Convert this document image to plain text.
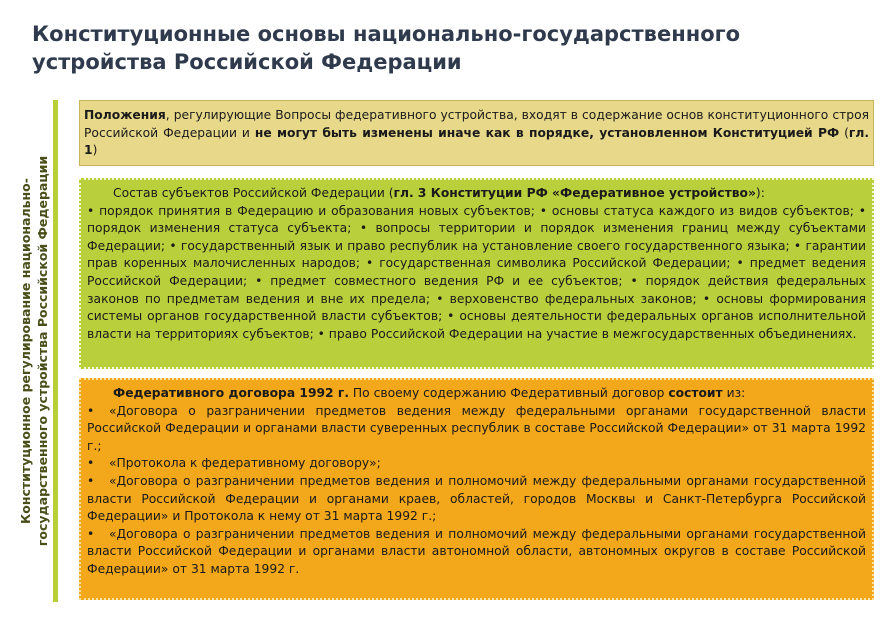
Конституционные основы национально-государственного устройства Российской Федерации
Конституционное регулирование национально- государственного устройства Российской Федерации
Положения, регулирующие Вопросы федеративного устройства, входят в содержание основ конституционного строя Российской Федерации и не могут быть изменены иначе как в порядке, установленном Конституцией РФ (гл. 1)
Состав субъектов Российской Федерации (гл. 3 Конституции РФ «Федеративное устройство»):
• порядок принятия в Федерацию и образования новых субъектов; • основы статуса каждого из видов субъектов; • порядок изменения статуса субъекта; • вопросы территории и порядок изменения границ между субъектами Федерации; • государственный язык и право республик на установление своего государственного языка; • гарантии прав коренных малочисленных народов; • государственная символика Российской Федерации; • предмет ведения Российской Федерации; • предмет совместного ведения РФ и ее субъектов; • порядок действия федеральных законов по предметам ведения и вне их предела; • верховенство федеральных законов; • основы формирования системы органов государственной власти субъектов; • основы деятельности федеральных органов исполнительной власти на территориях субъектов; • право Российской Федерации на участие в межгосударственных объединениях.
Федеративного договора 1992 г. По своему содержанию Федеративный договор состоит из:
• «Договора о разграничении предметов ведения между федеральными органами государственной власти Российской Федерации и органами власти суверенных республик в составе Российской Федерации» от 31 марта 1992 г.;
• «Протокола к федеративному договору»;
• «Договора о разграничении предметов ведения и полномочий между федеральными органами государственной власти Российской Федерации и органами краев, областей, городов Москвы и Санкт-Петербурга Российской Федерации» и Протокола к нему от 31 марта 1992 г.;
• «Договора о разграничении предметов ведения и полномочий между федеральными органами государственной власти Российской Федерации и органами власти автономной области, автономных округов в составе Российской Федерации» от 31 марта 1992 г.
